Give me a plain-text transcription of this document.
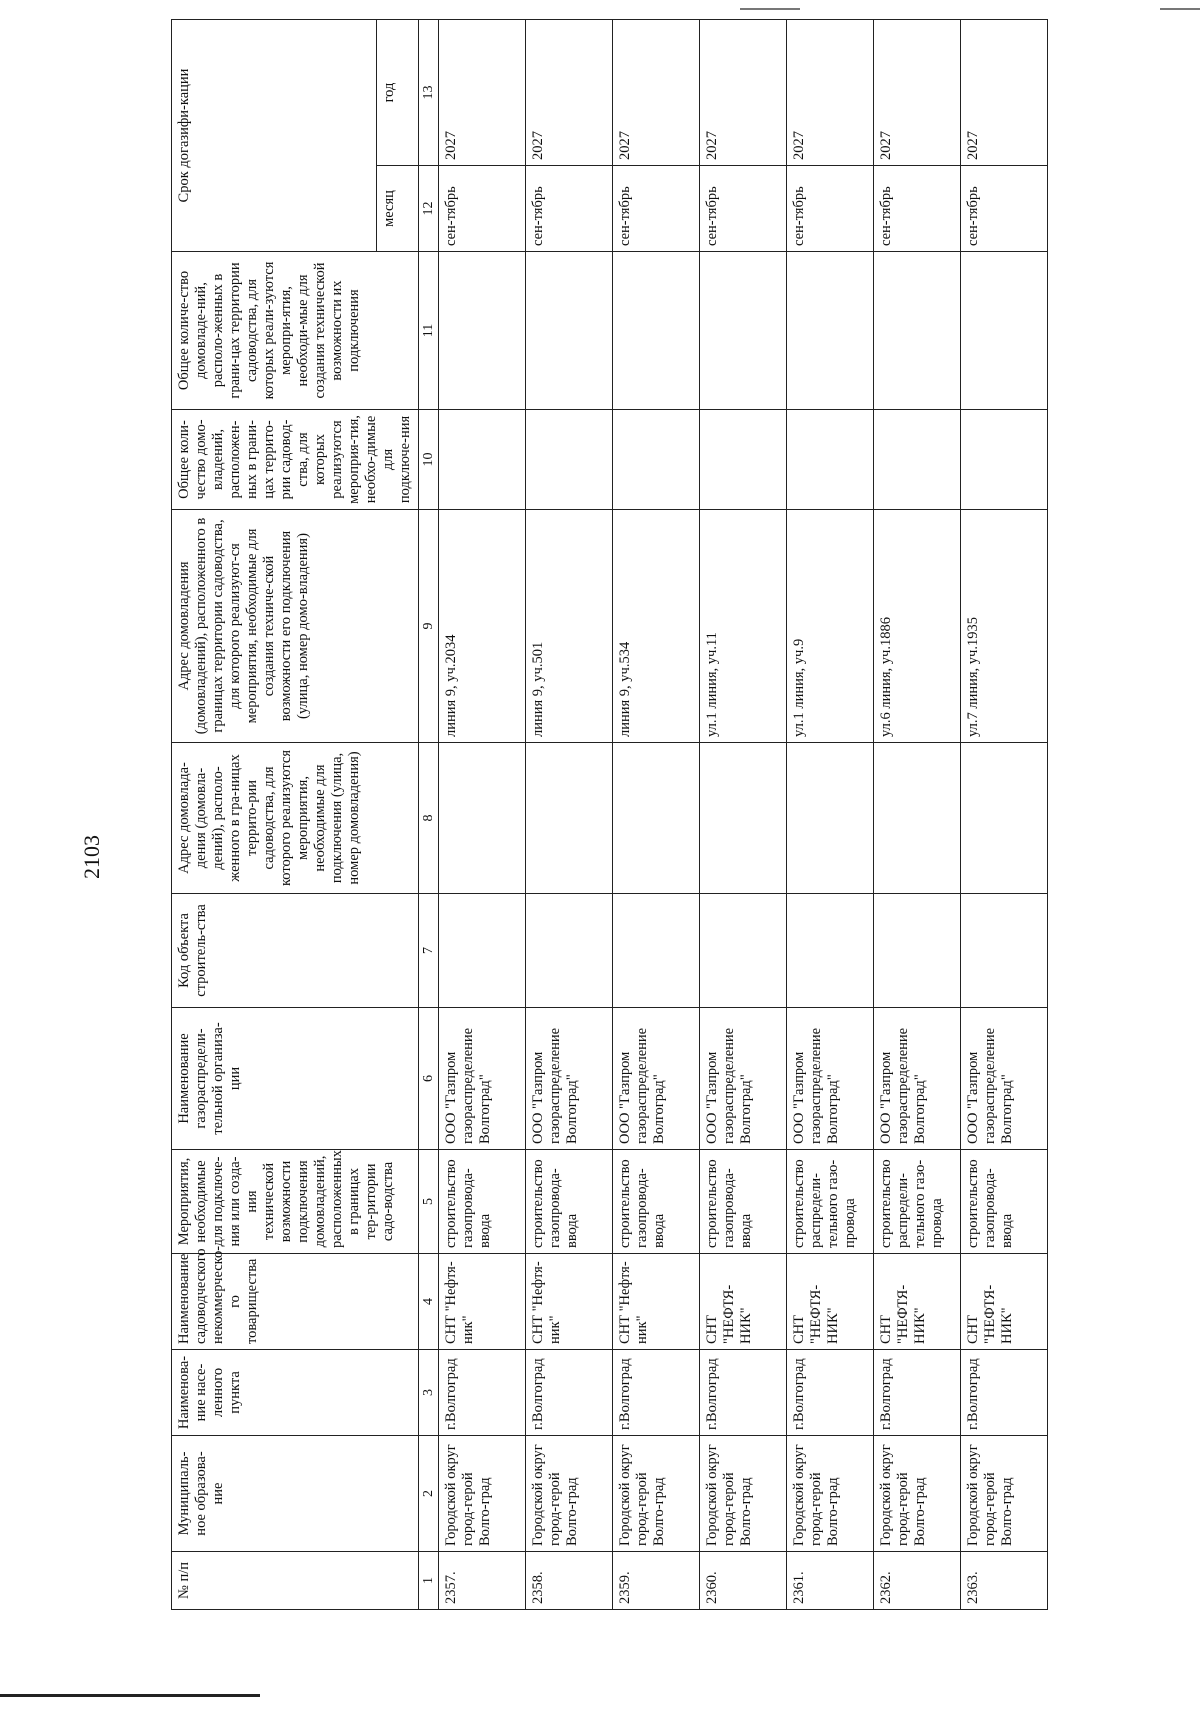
2103
№ п/п	Муниципаль-ное образова-ние	Наименова-ние насе-ленного пункта	Наименование садоводческого некоммерческо-го товарищества	Мероприятия, необходимые для подключе-ния или созда-ния технической возможности подключения домовладений, расположенных в границах тер-ритории садо-водства	Наименование газораспредели-тельной организа-ции	Код объекта строитель-ства	Адрес домовлада-дения (домовла-дений), располо-женного в гра-ницах террито-рии садоводства, для которого реализуются мероприятия, необходимые для подключения (улица, номер домовладения)	Адрес домовладения (домовладений), расположенного в границах территории садоводства, для которого реализуют-ся мероприятия, необходимые для создания техниче-ской возможности его подключения (улица, номер домо-владения)	Общее коли-чество домо-владений, расположен-ных в грани-цах террито-рии садовод-ства, для которых реализуются мероприя-тия, необхо-димые для подключе-ния	Общее количе-ство домовладе-ний, располо-женных в грани-цах территории садоводства, для которых реали-зуются меропри-ятия, необходи-мые для создания технической возможности их подключения	Срок догазифи-кации	
											месяц	год
1	2	3	4	5	6	7	8	9	10	11	12	13
2357.	Городской округ город-герой Волго-град	г.Волгоград	СНТ "Нефтя-ник"	строительство газопровода-ввода	ООО "Газпром газораспределение Волгоград"			линия 9, уч.2034			сен-тябрь	2027
2358.	Городской округ город-герой Волго-град	г.Волгоград	СНТ "Нефтя-ник"	строительство газопровода-ввода	ООО "Газпром газораспределение Волгоград"			линия 9, уч.501			сен-тябрь	2027
2359.	Городской округ город-герой Волго-град	г.Волгоград	СНТ "Нефтя-ник"	строительство газопровода-ввода	ООО "Газпром газораспределение Волгоград"			линия 9, уч.534			сен-тябрь	2027
2360.	Городской округ город-герой Волго-град	г.Волгоград	СНТ "НЕФТЯ-НИК"	строительство газопровода-ввода	ООО "Газпром газораспределение Волгоград"			ул.1 линия, уч.11			сен-тябрь	2027
2361.	Городской округ город-герой Волго-град	г.Волгоград	СНТ "НЕФТЯ-НИК"	строительство распредели-тельного газо-провода	ООО "Газпром газораспределение Волгоград"			ул.1 линия, уч.9			сен-тябрь	2027
2362.	Городской округ город-герой Волго-град	г.Волгоград	СНТ "НЕФТЯ-НИК"	строительство распредели-тельного газо-провода	ООО "Газпром газораспределение Волгоград"			ул.6 линия, уч.1886			сен-тябрь	2027
2363.	Городской округ город-герой Волго-град	г.Волгоград	СНТ "НЕФТЯ-НИК"	строительство газопровода-ввода	ООО "Газпром газораспределение Волгоград"			ул.7 линия, уч.1935			сен-тябрь	2027
